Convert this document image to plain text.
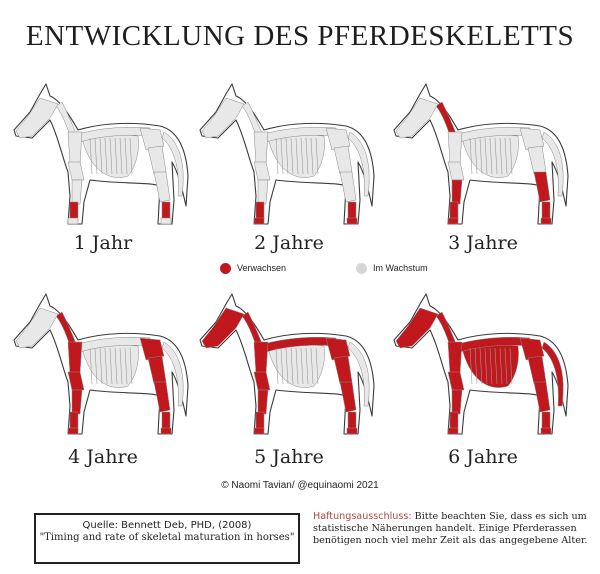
ENTWICKLUNG DES PFERDESKELETTS
1 Jahr	2 Jahre	3 Jahre
4 Jahre	5 Jahre	6 Jahre
Verwachsen	Im Wachstum
© Naomi Tavian/ @equinaomi 2021
Quelle: Bennett Deb, PHD, (2008)
"Timing and rate of skeletal maturation in horses"
Haftungsausschluss: Bitte beachten Sie, dass es sich um statistische Näherungen handelt. Einige Pferderassen benötigen noch viel mehr Zeit als das angegebene Alter.
